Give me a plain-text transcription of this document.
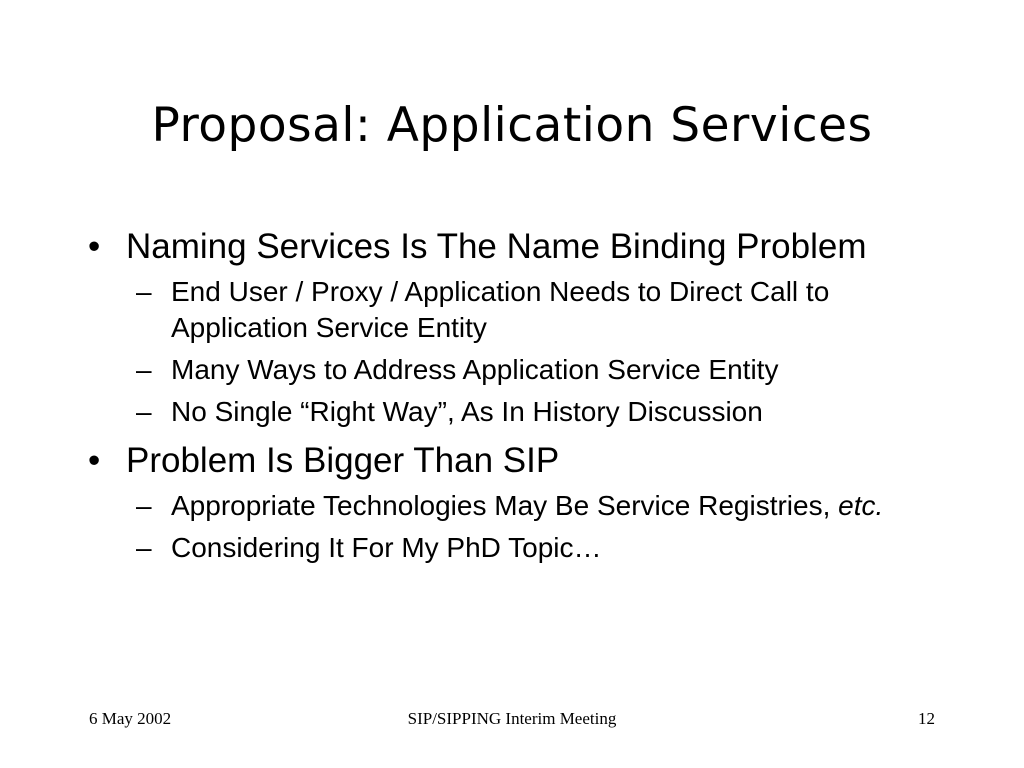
Proposal: Application Services
• Naming Services Is The Name Binding Problem
– End User / Proxy / Application Needs to Direct Call to Application Service Entity
– Many Ways to Address Application Service Entity
– No Single “Right Way”, As In History Discussion
• Problem Is Bigger Than SIP
– Appropriate Technologies May Be Service Registries, etc.
– Considering It For My PhD Topic…

6 May 2002	SIP/SIPPING Interim Meeting	12
